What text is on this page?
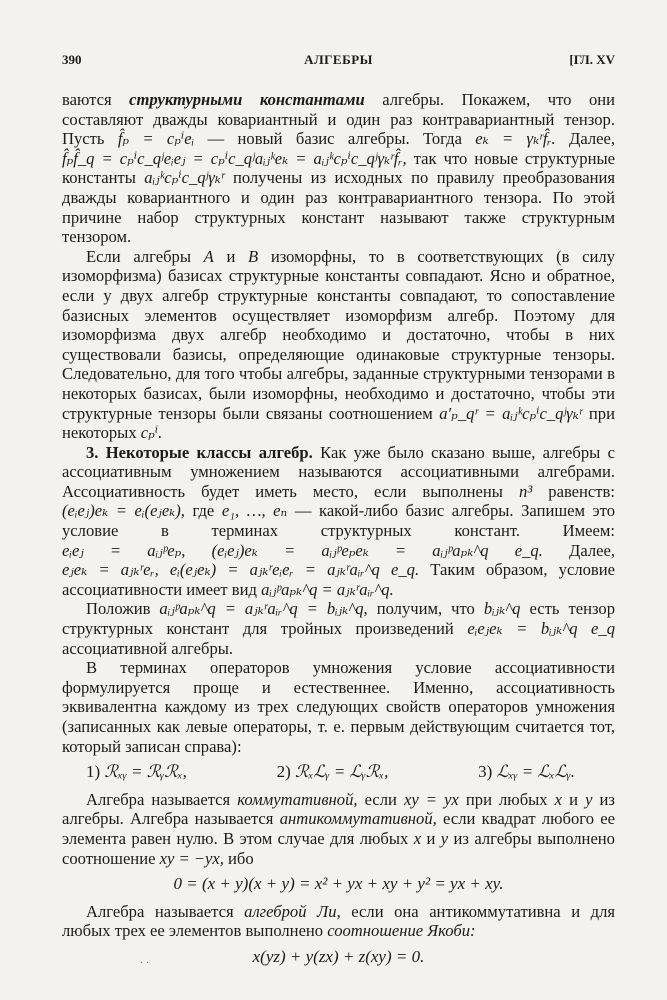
390	АЛГЕБРЫ	[ГЛ. XV

ваются структурными константами алгебры. Покажем, что они составляют дважды ковариантный и один раз контравариантный тензор. Пусть f̂ₚ = cₚⁱeᵢ — новый базис алгебры. Тогда eₖ = γₖʳf̂ᵣ. Далее, f̂ₚf̂_q = cₚⁱc_qʲeᵢeⱼ = cₚⁱc_qʲaᵢⱼᵏeₖ = aᵢⱼᵏcₚⁱc_qʲγₖʳf̂ᵣ, так что новые структурные константы aᵢⱼᵏcₚⁱc_qʲγₖʳ получены из исходных по правилу преобразования дважды ковариантного и один раз контравариантного тензора. По этой причине набор структурных констант называют также структурным тензором.

Если алгебры A и B изоморфны, то в соответствующих (в силу изоморфизма) базисах структурные константы совпадают. Ясно и обратное, если у двух алгебр структурные константы совпадают, то сопоставление базисных элементов осуществляет изоморфизм алгебр. Поэтому для изоморфизма двух алгебр необходимо и достаточно, чтобы в них существовали базисы, определяющие одинаковые структурные тензоры. Следовательно, для того чтобы алгебры, заданные структурными тензорами в некоторых базисах, были изоморфны, необходимо и достаточно, чтобы эти структурные тензоры были связаны соотношением a′ₚ_qʳ = aᵢⱼᵏcₚⁱc_qʲγₖʳ при некоторых cₚⁱ.

3. Некоторые классы алгебр. Как уже было сказано выше, алгебры с ассоциативным умножением называются ассоциативными алгебрами. Ассоциативность будет иметь место, если выполнены n³ равенств: (eᵢeⱼ)eₖ = eᵢ(eⱼeₖ), где e₁, …, eₙ — какой-либо базис алгебры. Запишем это условие в терминах структурных констант. Имеем: eᵢeⱼ = aᵢⱼᵖeₚ, (eᵢeⱼ)eₖ = aᵢⱼᵖeₚeₖ = aᵢⱼᵖaₚₖ^q e_q. Далее, eⱼeₖ = aⱼₖʳeᵣ, eᵢ(eⱼeₖ) = aⱼₖʳeᵢeᵣ = aⱼₖʳaᵢᵣ^q e_q. Таким образом, условие ассоциативности имеет вид aᵢⱼᵖaₚₖ^q = aⱼₖʳaᵢᵣ^q.

Положив aᵢⱼᵖaₚₖ^q = aⱼₖʳaᵢᵣ^q = bᵢⱼₖ^q, получим, что bᵢⱼₖ^q есть тензор структурных констант для тройных произведений eᵢeⱼeₖ = bᵢⱼₖ^q e_q ассоциативной алгебры.

В терминах операторов умножения условие ассоциативности формулируется проще и естественнее. Именно, ассоциативность эквивалентна каждому из трех следующих свойств операторов умножения (записанных как левые операторы, т. е. первым действующим считается тот, который записан справа):

1) ℛₓᵧ = ℛᵧℛₓ,	2) ℛₓℒᵧ = ℒᵧℛₓ,	3) ℒₓᵧ = ℒₓℒᵧ.

Алгебра называется коммутативной, если xy = yx при любых x и y из алгебры. Алгебра называется антикоммутативной, если квадрат любого ее элемента равен нулю. В этом случае для любых x и y из алгебры выполнено соотношение xy = −yx, ибо

0 = (x + y)(x + y) = x² + yx + xy + y² = yx + xy.

Алгебра называется алгеброй Ли, если она антикоммутативна и для любых трех ее элементов выполнено соотношение Якоби:

x(yz) + y(zx) + z(xy) = 0.
· ·
